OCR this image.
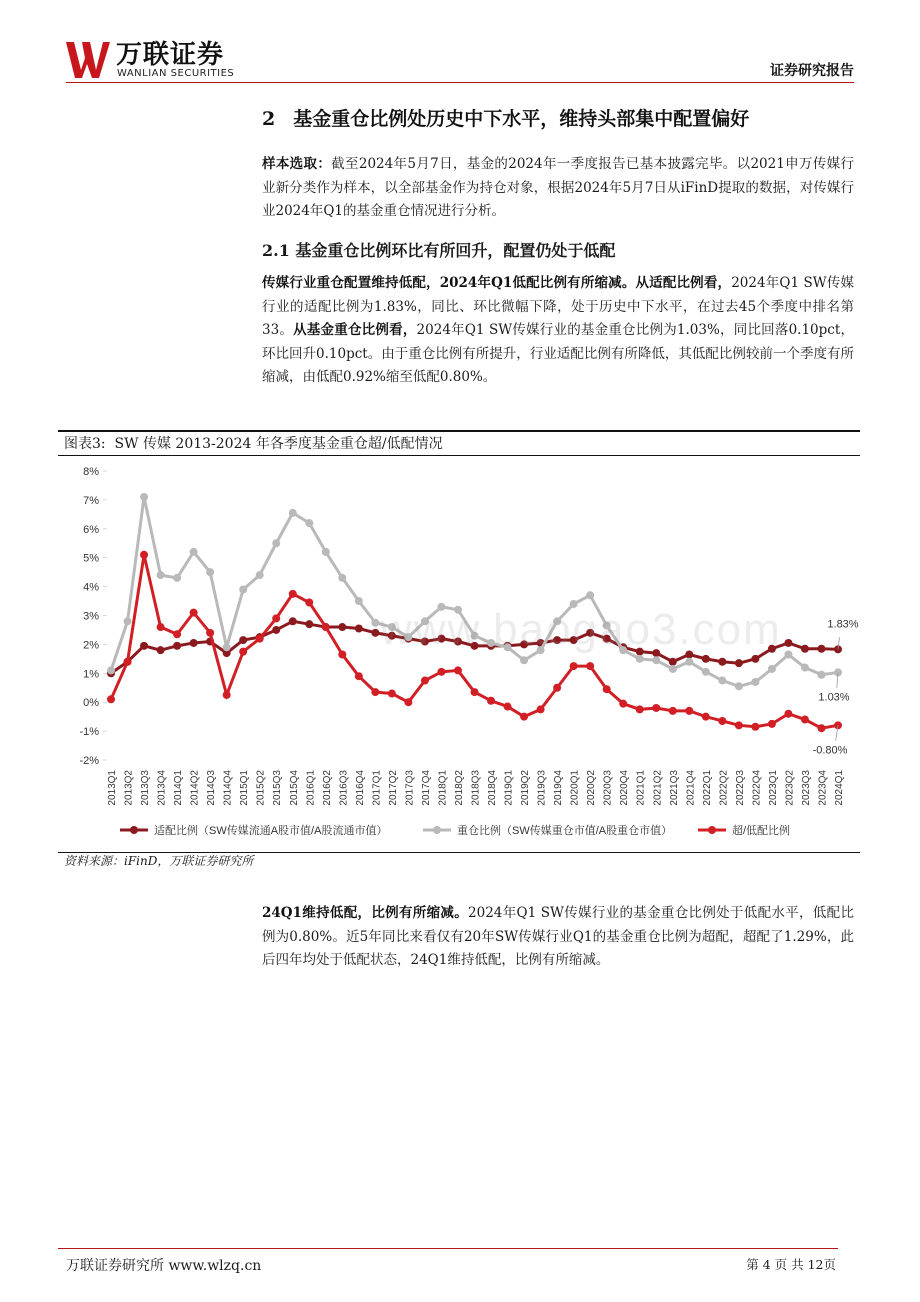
万联证券
WANLIAN SECURITIES	证券研究报告
2 基金重仓比例处历史中下水平，维持头部集中配置偏好
样本选取：截至2024年5月7日，基金的2024年一季度报告已基本披露完毕。以2021申万传媒行业新分类作为样本，以全部基金作为持仓对象，根据2024年5月7日从iFinD提取的数据，对传媒行业2024年Q1的基金重仓情况进行分析。
2.1 基金重仓比例环比有所回升，配置仍处于低配
传媒行业重仓配置维持低配，2024年Q1低配比例有所缩减。从适配比例看，2024年Q1 SW传媒行业的适配比例为1.83%，同比、环比微幅下降，处于历史中下水平，在过去45个季度中排名第33。从基金重仓比例看，2024年Q1 SW传媒行业的基金重仓比例为1.03%，同比回落0.10pct，环比回升0.10pct。由于重仓比例有所提升，行业适配比例有所降低，其低配比例较前一个季度有所缩减，由低配0.92%缩至低配0.80%。
图表3: SW 传媒 2013-2024 年各季度基金重仓超/低配情况
-2%
-1%
0%
1%
2%
3%
4%
5%
6%
7%
8%
2013Q1 2013Q2 2013Q3 2013Q4 2014Q1 2014Q2 2014Q3 2014Q4 2015Q1 2015Q2 2015Q3 2015Q4 2016Q1 2016Q2 2016Q3 2016Q4 2017Q1 2017Q2 2017Q3 2017Q4 2018Q1 2018Q2 2018Q3 2018Q4 2019Q1 2019Q2 2019Q3 2019Q4 2020Q1 2020Q2 2020Q3 2020Q4 2021Q1 2021Q2 2021Q3 2021Q4 2022Q1 2022Q2 2022Q3 2022Q4 2023Q1 2023Q2 2023Q3 2023Q4 2024Q1
1.83%
1.03%
-0.80%
适配比例（SW传媒流通A股市值/A股流通市值）	重仓比例（SW传媒重仓市值/A股重仓市值）	超/低配比例
www.baogao3.com
资料来源：iFinD，万联证券研究所
24Q1维持低配，比例有所缩减。2024年Q1 SW传媒行业的基金重仓比例处于低配水平，低配比例为0.80%。近5年同比来看仅有20年SW传媒行业Q1的基金重仓比例为超配，超配了1.29%，此后四年均处于低配状态，24Q1维持低配，比例有所缩减。
万联证券研究所 www.wlzq.cn	第 4 页 共 12页
